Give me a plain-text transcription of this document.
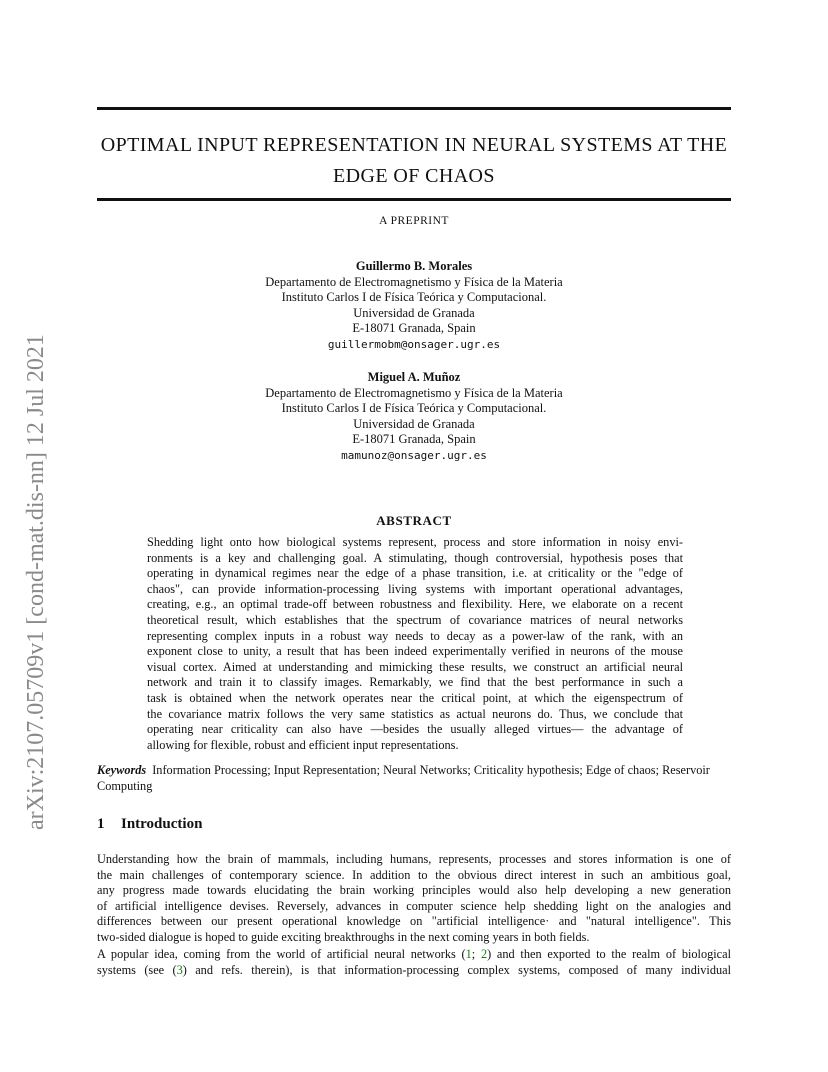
arXiv:2107.05709v1 [cond-mat.dis-nn] 12 Jul 2021
OPTIMAL INPUT REPRESENTATION IN NEURAL SYSTEMS AT THE
EDGE OF CHAOS
A PREPRINT
Guillermo B. Morales
Departamento de Electromagnetismo y Física de la Materia
Instituto Carlos I de Física Teórica y Computacional.
Universidad de Granada
E-18071 Granada, Spain
guillermobm@onsager.ugr.es
Miguel A. Muñoz
Departamento de Electromagnetismo y Física de la Materia
Instituto Carlos I de Física Teórica y Computacional.
Universidad de Granada
E-18071 Granada, Spain
mamunoz@onsager.ugr.es
ABSTRACT
Shedding light onto how biological systems represent, process and store information in noisy envi-
ronments is a key and challenging goal. A stimulating, though controversial, hypothesis poses that
operating in dynamical regimes near the edge of a phase transition, i.e. at criticality or the "edge of
chaos", can provide information-processing living systems with important operational advantages,
creating, e.g., an optimal trade-off between robustness and flexibility. Here, we elaborate on a recent
theoretical result, which establishes that the spectrum of covariance matrices of neural networks
representing complex inputs in a robust way needs to decay as a power-law of the rank, with an
exponent close to unity, a result that has been indeed experimentally verified in neurons of the mouse
visual cortex. Aimed at understanding and mimicking these results, we construct an artificial neural
network and train it to classify images. Remarkably, we find that the best performance in such a
task is obtained when the network operates near the critical point, at which the eigenspectrum of
the covariance matrix follows the very same statistics as actual neurons do. Thus, we conclude that
operating near criticality can also have —besides the usually alleged virtues— the advantage of
allowing for flexible, robust and efficient input representations.
Keywords Information Processing; Input Representation; Neural Networks; Criticality hypothesis; Edge of chaos; Reservoir Computing
1 Introduction
Understanding how the brain of mammals, including humans, represents, processes and stores information is one of
the main challenges of contemporary science. In addition to the obvious direct interest in such an ambitious goal,
any progress made towards elucidating the brain working principles would also help developing a new generation
of artificial intelligence devises. Reversely, advances in computer science help shedding light on the analogies and
differences between our present operational knowledge on "artificial intelligence· and "natural intelligence". This
two-sided dialogue is hoped to guide exciting breakthroughs in the next coming years in both fields.
A popular idea, coming from the world of artificial neural networks (1; 2) and then exported to the realm of biological
systems (see (3) and refs. therein), is that information-processing complex systems, composed of many individual
